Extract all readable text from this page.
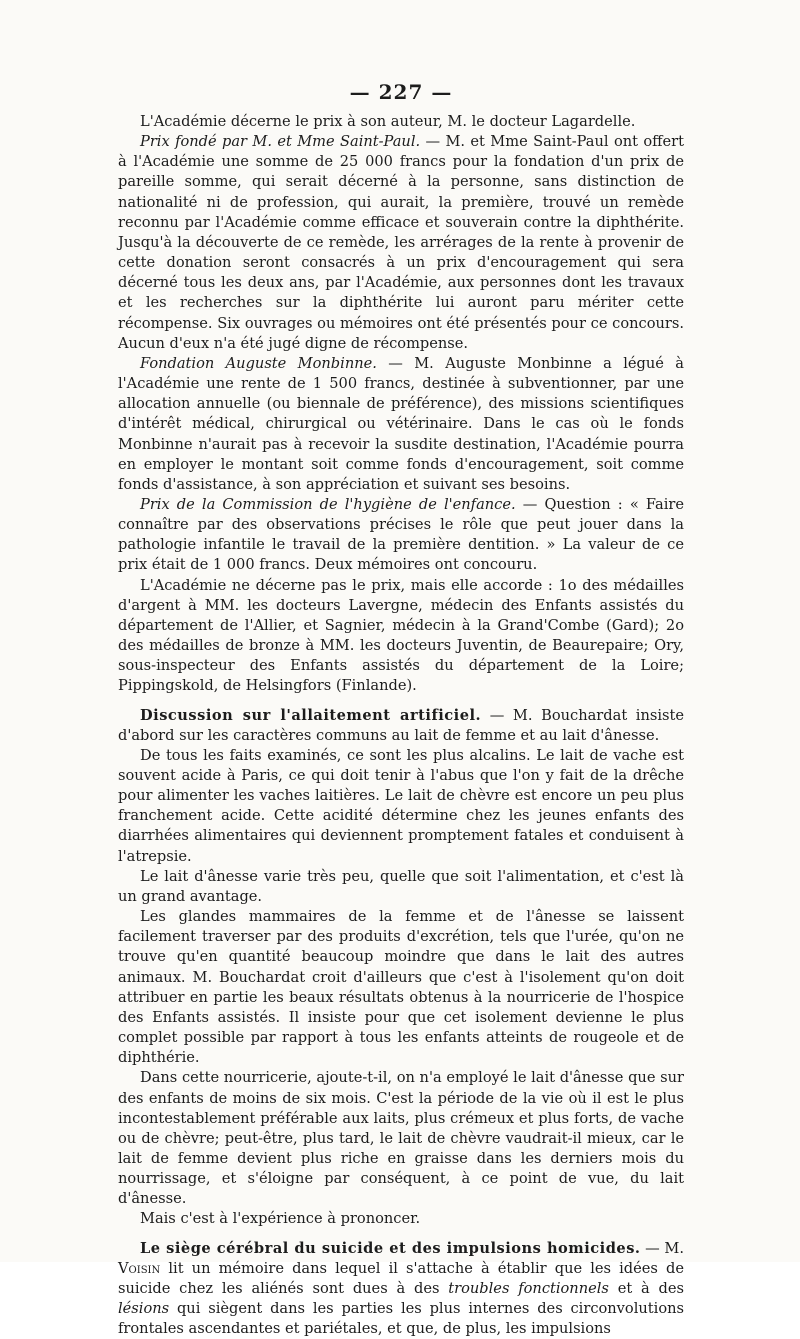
— 227 —

L'Académie décerne le prix à son auteur, M. le docteur Lagardelle.

Prix fondé par M. et Mme Saint-Paul. — M. et Mme Saint-Paul ont offert à l'Académie une somme de 25 000 francs pour la fondation d'un prix de pareille somme, qui serait décerné à la personne, sans distinction de nationalité ni de profession, qui aurait, la première, trouvé un remède reconnu par l'Académie comme efficace et souverain contre la diphthérite. Jusqu'à la découverte de ce remède, les arrérages de la rente à provenir de cette donation seront consacrés à un prix d'encouragement qui sera décerné tous les deux ans, par l'Académie, aux personnes dont les travaux et les recherches sur la diphthérite lui auront paru mériter cette récompense. Six ouvrages ou mémoires ont été présentés pour ce concours. Aucun d'eux n'a été jugé digne de récompense.

Fondation Auguste Monbinne. — M. Auguste Monbinne a légué à l'Académie une rente de 1 500 francs, destinée à subventionner, par une allocation annuelle (ou biennale de préférence), des missions scientifiques d'intérêt médical, chirurgical ou vétérinaire. Dans le cas où le fonds Monbinne n'aurait pas à recevoir la susdite destination, l'Académie pourra en employer le montant soit comme fonds d'encouragement, soit comme fonds d'assistance, à son appréciation et suivant ses besoins.

Prix de la Commission de l'hygiène de l'enfance. — Question : « Faire connaître par des observations précises le rôle que peut jouer dans la pathologie infantile le travail de la première dentition. » La valeur de ce prix était de 1 000 francs. Deux mémoires ont concouru.

L'Académie ne décerne pas le prix, mais elle accorde : 1o des médailles d'argent à MM. les docteurs Lavergne, médecin des Enfants assistés du département de l'Allier, et Sagnier, médecin à la Grand'Combe (Gard); 2o des médailles de bronze à MM. les docteurs Juventin, de Beaurepaire; Ory, sous-inspecteur des Enfants assistés du département de la Loire; Pippingskold, de Helsingfors (Finlande).

Discussion sur l'allaitement artificiel. — M. Bouchardat insiste d'abord sur les caractères communs au lait de femme et au lait d'ânesse.

De tous les faits examinés, ce sont les plus alcalins. Le lait de vache est souvent acide à Paris, ce qui doit tenir à l'abus que l'on y fait de la drêche pour alimenter les vaches laitières. Le lait de chèvre est encore un peu plus franchement acide. Cette acidité détermine chez les jeunes enfants des diarrhées alimentaires qui deviennent promptement fatales et conduisent à l'atrepsie.

Le lait d'ânesse varie très peu, quelle que soit l'alimentation, et c'est là un grand avantage.

Les glandes mammaires de la femme et de l'ânesse se laissent facilement traverser par des produits d'excrétion, tels que l'urée, qu'on ne trouve qu'en quantité beaucoup moindre que dans le lait des autres animaux. M. Bouchardat croit d'ailleurs que c'est à l'isolement qu'on doit attribuer en partie les beaux résultats obtenus à la nourricerie de l'hospice des Enfants assistés. Il insiste pour que cet isolement devienne le plus complet possible par rapport à tous les enfants atteints de rougeole et de diphthérie.

Dans cette nourricerie, ajoute-t-il, on n'a employé le lait d'ânesse que sur des enfants de moins de six mois. C'est la période de la vie où il est le plus incontestablement préférable aux laits, plus crémeux et plus forts, de vache ou de chèvre; peut-être, plus tard, le lait de chèvre vaudrait-il mieux, car le lait de femme devient plus riche en graisse dans les derniers mois du nourrissage, et s'éloigne par conséquent, à ce point de vue, du lait d'ânesse.

Mais c'est à l'expérience à prononcer.

Le siège cérébral du suicide et des impulsions homicides. — M. Voisin lit un mémoire dans lequel il s'attache à établir que les idées de suicide chez les aliénés sont dues à des troubles fonctionnels et à des lésions qui siègent dans les parties les plus internes des circonvolutions frontales ascendantes et pariétales, et que, de plus, les impulsions
